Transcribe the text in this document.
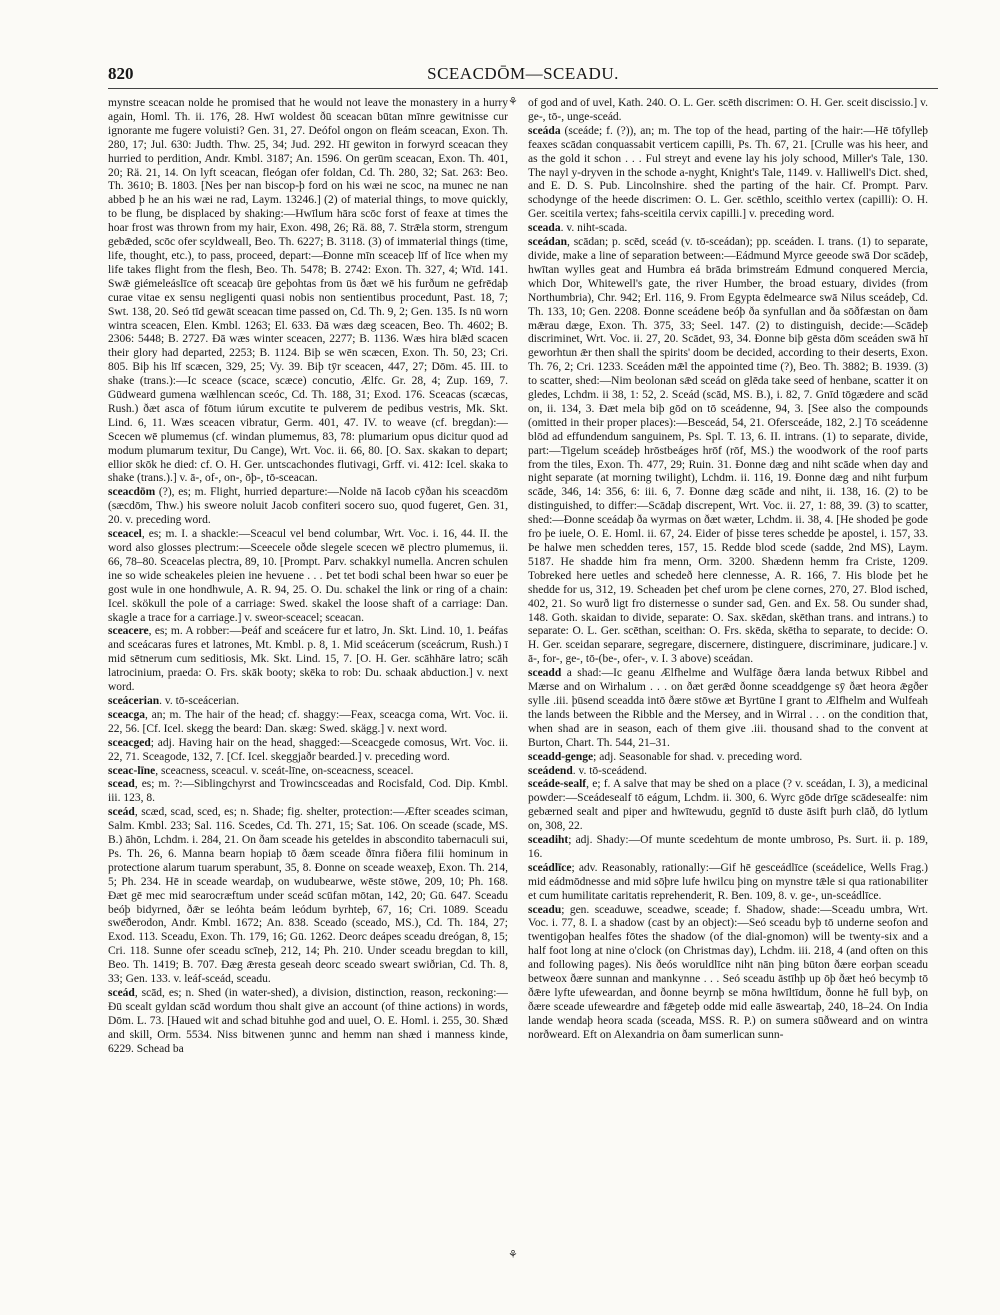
820	SCEACDŌM—SCEADU.

mynstre sceacan nolde he promised that he would not leave the monastery in a hurry again, Homl. Th. ii. 176, 28. Hwī woldest ðū sceacan būtan mīnre gewitnisse cur ignorante me fugere voluisti? Gen. 31, 27. Deófol ongon on fleám sceacan, Exon. Th. 280, 17; Jul. 630: Judth. Thw. 25, 34; Jud. 292. Hī gewiton in forwyrd sceacan they hurried to perdition, Andr. Kmbl. 3187; An. 1596. On gerūm sceacan, Exon. Th. 401, 20; Rä. 21, 14. On lyft sceacan, fleógan ofer foldan, Cd. Th. 280, 32; Sat. 263: Beo. Th. 3610; B. 1803. [Nes þer nan biscop-þ ford on his wæi ne scoc, na munec ne nan abbed þ he an his wæi ne rad, Laym. 13246.] (2) of material things, to move quickly, to be flung, be displaced by shaking:—Hwīlum hāra scōc forst of feaxe at times the hoar frost was thrown from my hair, Exon. 498, 26; Rä. 88, 7. Strǣla storm, strengum gebǣded, scōc ofer scyldweall, Beo. Th. 6227; B. 3118. (3) of immaterial things (time, life, thought, etc.), to pass, proceed, depart:—Ðonne mīn sceaceþ līf of līce when my life takes flight from the flesh, Beo. Th. 5478; B. 2742: Exon. Th. 327, 4; Wīd. 141. Swǣ giémeleáslīce oft sceacaþ ūre geþohtas from ūs ðæt wē his furðum ne gefrēdaþ curae vitae ex sensu negligenti quasi nobis non sentientibus procedunt, Past. 18, 7; Swt. 138, 20. Seó tīd gewāt sceacan time passed on, Cd. Th. 9, 2; Gen. 135. Is nū worn wintra sceacen, Elen. Kmbl. 1263; El. 633. Ðā wæs dæg sceacen, Beo. Th. 4602; B. 2306: 5448; B. 2727. Ðā wæs winter sceacen, 2277; B. 1136. Wæs hira blǣd scacen their glory had departed, 2253; B. 1124. Biþ se wēn scæcen, Exon. Th. 50, 23; Cri. 805. Biþ his līf scæcen, 329, 25; Vy. 39. Biþ tȳr sceacen, 447, 27; Dōm. 45. III. to shake (trans.):—Ic sceace (scace, scæce) concutio, Ælfc. Gr. 28, 4; Zup. 169, 7. Gūdweard gumena wælhlencan sceóc, Cd. Th. 188, 31; Exod. 176. Sceacas (scæcas, Rush.) ðæt asca of fōtum iúrum excutite te pulverem de pedibus vestris, Mk. Skt. Lind. 6, 11. Wæs sceacen vibratur, Germ. 401, 47. IV. to weave (cf. bregdan):—Scecen wē plumemus (cf. windan plumemus, 83, 78: plumarium opus dicitur quod ad modum plumarum texitur, Du Cange), Wrt. Voc. ii. 66, 80. [O. Sax. skakan to depart; ellior skōk he died: cf. O. H. Ger. untscachondes flutivagi, Grff. vi. 412: Icel. skaka to shake (trans.).] v. ā-, of-, on-, ōþ-, tō-sceacan.

sceacdōm (?), es; m. Flight, hurried departure:—Nolde nā Iacob cȳðan his sceacdōm (sæcdōm, Thw.) his sweore noluit Jacob confiteri socero suo, quod fugeret, Gen. 31, 20. v. preceding word.

sceacel, es; m. I. a shackle:—Sceacul vel bend columbar, Wrt. Voc. i. 16, 44. II. the word also glosses plectrum:—Sceecele oðde slegele scecen wē plectro plumemus, ii. 66, 78–80. Sceacelas plectra, 89, 10. [Prompt. Parv. schakkyl numella. Ancren schulen ine so wide scheakeles pleien ine hevuene . . . Þet tet bodi schal been hwar so euer þe gost wule in one hondhwule, A. R. 94, 25. O. Du. schakel the link or ring of a chain: Icel. skökull the pole of a carriage: Swed. skakel the loose shaft of a carriage: Dan. skagle a trace for a carriage.] v. sweor-sceacel; sceacan.

sceacere, es; m. A robber:—Þeáf and sceácere fur et latro, Jn. Skt. Lind. 10, 1. Þeáfas and sceácaras fures et latrones, Mt. Kmbl. p. 8, 1. Mid sceácerum (sceácrum, Rush.) ī mid sētnerum cum seditiosis, Mk. Skt. Lind. 15, 7. [O. H. Ger. scāhhāre latro; scāh latrocinium, praeda: O. Frs. skāk booty; skēka to rob: Du. schaak abduction.] v. next word.

sceácerian. v. tō-sceácerian.

sceacga, an; m. The hair of the head; cf. shaggy:—Feax, sceacga coma, Wrt. Voc. ii. 22, 56. [Cf. Icel. skegg the beard: Dan. skæg: Swed. skägg.] v. next word.

sceacged; adj. Having hair on the head, shagged:—Sceacgede comosus, Wrt. Voc. ii. 22, 71. Sceagode, 132, 7. [Cf. Icel. skeggjaðr bearded.] v. preceding word.

sceac-līne, sceacness, sceacul. v. sceát-līne, on-sceacness, sceacel.

scead, es; m. ?:—Siblingchyrst and Trowincsceadas and Rocisfald, Cod. Dip. Kmbl. iii. 123, 8.

sceád, scæd, scad, sced, es; n. Shade; fig. shelter, protection:—Æfter sceades sciman, Salm. Kmbl. 233; Sal. 116. Scedes, Cd. Th. 271, 15; Sat. 106. On sceade (scade, MS. B.) āhōn, Lchdm. i. 284, 21. On ðam sceade his geteldes in abscondito tabernaculi sui, Ps. Th. 26, 6. Manna bearn hopiaþ tō ðæm sceade ðīnra fiðera filii hominum in protectione alarum tuarum sperabunt, 35, 8. Ðonne on sceade weaxeþ, Exon. Th. 214, 5; Ph. 234. Hē in sceade weardaþ, on wudubearwe, wēste stōwe, 209, 10; Ph. 168. Ðæt gē mec mid searocræftum under sceád scūfan mōtan, 142, 20; Gū. 647. Sceadu beóþ bidyrned, ðǣr se leóhta beám leódum byrhteþ, 67, 16; Cri. 1089. Sceadu swe͞ðerodon, Andr. Kmbl. 1672; An. 838. Sceado (sceado, MS.), Cd. Th. 184, 27; Exod. 113. Sceadu, Exon. Th. 179, 16; Gū. 1262. Deorc deápes sceadu dreógan, 8, 15; Cri. 118. Sunne ofer sceadu scīneþ, 212, 14; Ph. 210. Under sceadu bregdan to kill, Beo. Th. 1419; B. 707. Ðæg ǣresta geseah deorc sceado sweart swiðrian, Cd. Th. 8, 33; Gen. 133. v. leáf-sceád, sceadu.

sceád, scād, es; n. Shed (in water-shed), a division, distinction, reason, reckoning:—Ðū scealt gyldan scād wordum thou shalt give an account (of thine actions) in words, Dōm. L. 73. [Haued wit and schad bituhhe god and uuel, O. E. Homl. i. 255, 30. Shæd and skill, Orm. 5534. Niss bitwenen ȝunnc and hemm nan shæd i manness kinde, 6229. Schead ba

⚘ of god and of uvel, Kath. 240. O. L. Ger. scēth discrimen: O. H. Ger. sceit discissio.] v. ge-, tō-, unge-sceád.

sceáda (sceáde; f. (?)), an; m. The top of the head, parting of the hair:—Hē tōfylleþ feaxes scādan conquassabit verticem capilli, Ps. Th. 67, 21. [Crulle was his heer, and as the gold it schon . . . Ful streyt and evene lay his joly schood, Miller's Tale, 130. The nayl y-dryven in the schode a-nyght, Knight's Tale, 1149. v. Halliwell's Dict. shed, and E. D. S. Pub. Lincolnshire. shed the parting of the hair. Cf. Prompt. Parv. schodynge of the heede discrimen: O. L. Ger. scēthlo, sceithlo vertex (capilli): O. H. Ger. sceitila vertex; fahs-sceitila cervix capilli.] v. preceding word.

sceada. v. niht-scada.

sceádan, scādan; p. scēd, sceád (v. tō-sceádan); pp. sceáden. I. trans. (1) to separate, divide, make a line of separation between:—Eádmund Myrce geeode swā Dor scādeþ, hwītan wylles geat and Humbra eá brāda brimstreám Edmund conquered Mercia, which Dor, Whitewell's gate, the river Humber, the broad estuary, divides (from Northumbria), Chr. 942; Erl. 116, 9. From Egypta ēdelmearce swā Nilus sceádeþ, Cd. Th. 133, 10; Gen. 2208. Ðonne sceádene beóþ ða synfullan and ða sōðfæstan on ðam mǣrau dæge, Exon. Th. 375, 33; Seel. 147. (2) to distinguish, decide:—Scādeþ discriminet, Wrt. Voc. ii. 27, 20. Scādet, 93, 34. Ðonne biþ gēsta dōm sceáden swā hī geworhtun ǣr then shall the spirits' doom be decided, according to their deserts, Exon. Th. 76, 2; Cri. 1233. Sceáden mǣl the appointed time (?), Beo. Th. 3882; B. 1939. (3) to scatter, shed:—Nim beolonan sǣd sceád on glēda take seed of henbane, scatter it on gledes, Lchdm. ii 38, 1: 52, 2. Sceád (scād, MS. B.), i. 82, 7. Gnīd tōgædere and scād on, ii. 134, 3. Ðæt mela biþ gōd on tō sceádenne, 94, 3. [See also the compounds (omitted in their proper places):—Besceád, 54, 21. Ofersceáde, 182, 2.] Tō sceádenne blōd ad effundendum sanguinem, Ps. Spl. T. 13, 6. II. intrans. (1) to separate, divide, part:—Tigelum sceádeþ hrōstbeáges hrōf (rōf, MS.) the woodwork of the roof parts from the tiles, Exon. Th. 477, 29; Ruin. 31. Ðonne dæg and niht scāde when day and night separate (at morning twilight), Lchdm. ii. 116, 19. Ðonne dæg and niht furþum scāde, 346, 14: 356, 6: iii. 6, 7. Ðonne dæg scāde and niht, ii. 138, 16. (2) to be distinguished, to differ:—Scādaþ discrepent, Wrt. Voc. ii. 27, 1: 88, 39. (3) to scatter, shed:—Ðonne sceádaþ ða wyrmas on ðæt wæter, Lchdm. ii. 38, 4. [He shoded þe gode fro þe iuele, O. E. Homl. ii. 67, 24. Eider of þisse teres schedde þe apostel, i. 157, 33. Þe halwe men schedden teres, 157, 15. Redde blod scede (sadde, 2nd MS), Laym. 5187. He shadde him fra menn, Orm. 3200. Shædenn hemm fra Criste, 1209. Tobreked here uetles and schedeð here clennesse, A. R. 166, 7. His blode þet he shedde for us, 312, 19. Scheaden þet chef urom þe clene cornes, 270, 27. Blod isched, 402, 21. So wurð ligt fro disternesse o sunder sad, Gen. and Ex. 58. Ou sunder shad, 148. Goth. skaidan to divide, separate: O. Sax. skēdan, skēthan trans. and intrans.) to separate: O. L. Ger. scēthan, sceithan: O. Frs. skēda, skētha to separate, to decide: O. H. Ger. sceidan separare, segregare, discernere, distinguere, discriminare, judicare.] v. ā-, for-, ge-, tō-(be-, ofer-, v. I. 3 above) sceádan.

sceadd a shad:—Ic geanu Ælfhelme and Wulfāge ðæra landa betwux Ribbel and Mærse and on Wirhalum . . . on ðæt gerǣd ðonne sceaddgenge sȳ ðæt heora ǣgðer sylle .iii. þūsend sceadda intō ðære stōwe æt Byrtūne I grant to Ælfhelm and Wulfeah the lands between the Ribble and the Mersey, and in Wirral . . . on the condition that, when shad are in season, each of them give .iii. thousand shad to the convent at Burton, Chart. Th. 544, 21–31.

sceadd-genge; adj. Seasonable for shad. v. preceding word.

sceádend. v. tō-sceádend.

sceáde-sealf, e; f. A salve that may be shed on a place (? v. sceádan, I. 3), a medicinal powder:—Sceádesealf tō eágum, Lchdm. ii. 300, 6. Wyrc gōde drīge scādesealfe: nim gebærned sealt and piper and hwītewudu, gegnīd tō duste āsift þurh clāð, dō lytlum on, 308, 22.

sceadiht; adj. Shady:—Of munte scedehtum de monte umbroso, Ps. Surt. ii. p. 189, 16.

sceádlīce; adv. Reasonably, rationally:—Gif hē gesceádlīce (sceádelice, Wells Frag.) mid eádmōdnesse and mid sōþre lufe hwilcu þing on mynstre tǣle si qua rationabiliter et cum humilitate caritatis reprehenderit, R. Ben. 109, 8. v. ge-, un-sceádlīce.

sceadu; gen. sceaduwe, sceadwe, sceade; f. Shadow, shade:—Sceadu umbra, Wrt. Voc. i. 77, 8. I. a shadow (cast by an object):—Seó sceadu byþ tō underne seofon and twentigoþan healfes fōtes the shadow (of the dial-gnomon) will be twenty-six and a half foot long at nine o'clock (on Christmas day), Lchdm. iii. 218, 4 (and often on this and following pages). Nis ðeós woruldlīce niht nān þing būton ðære eorþan sceadu betweox ðære sunnan and mankynne . . . Seó sceadu āstīhþ up ōþ ðæt heó becymþ tō ðǣre lyfte ufeweardan, and ðonne beyrnþ se mōna hwīltīdum, ðonne hē full byþ, on ðære sceade ufeweardre and fǣgeteþ odde mid ealle āsweartaþ, 240, 18–24. On India lande wendaþ heora scada (sceada, MSS. R. P.) on sumera sūðweard and on wintra norðweard. Eft on Alexandria on ðam sumerlican sunn-

⚘
